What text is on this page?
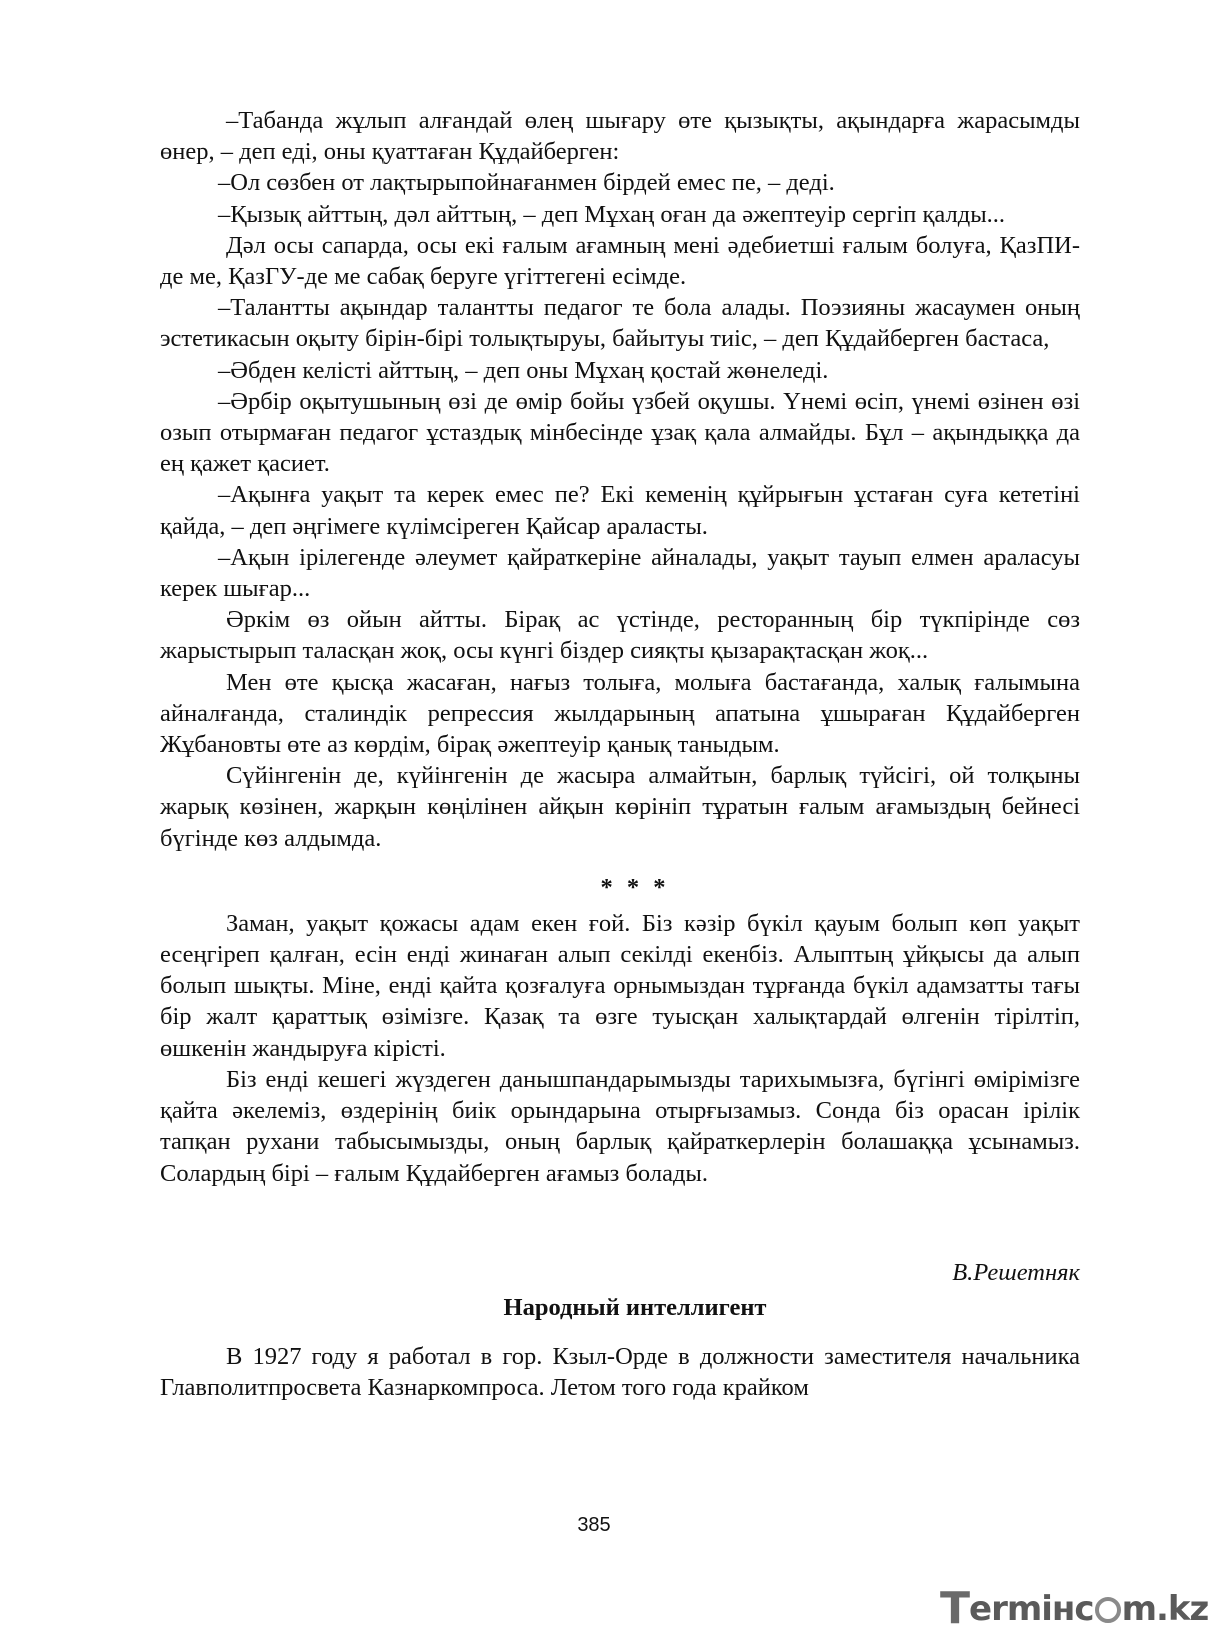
–Табанда жұлып алғандай өлең шығару өте қызықты, ақындарға жарасымды өнер, – деп еді, оны қуаттаған Құдайберген:

–Ол сөзбен от лақтырыпойнағанмен бірдей емес пе, – деді.

–Қызық айттың, дәл айттың, – деп Мұхаң оған да әжептеуір сергіп қалды...

Дәл осы сапарда, осы екі ғалым ағамның мені әдебиетші ғалым болуға, ҚазПИ-де ме, ҚазГУ-де ме сабақ беруге үгіттегені есімде.

–Талантты ақындар талантты педагог те бола алады. Поэзияны жасаумен оның эстетикасын оқыту бірін-бірі толықтыруы, байытуы тиіс, – деп Құдайберген бастаса,

–Әбден келісті айттың, – деп оны Мұхаң қостай жөнеледі.

–Әрбір оқытушының өзі де өмір бойы үзбей оқушы. Үнемі өсіп, үнемі өзінен өзі озып отырмаған педагог ұстаздық мінбесінде ұзақ қала алмайды. Бұл – ақындыққа да ең қажет қасиет.

–Ақынға уақыт та керек емес пе? Екі кеменің құйрығын ұстаған суға кететіні қайда, – деп әңгімеге күлімсіреген Қайсар араласты.

–Ақын ірілегенде әлеумет қайраткеріне айналады, уақыт тауып елмен араласуы керек шығар...

Әркім өз ойын айтты. Бірақ ас үстінде, ресторанның бір түкпірінде сөз жарыстырып таласқан жоқ, осы күнгі біздер сияқты қызарақтасқан жоқ...

Мен өте қысқа жасаған, нағыз толыға, молыға бастағанда, халық ғалымына айналғанда, сталиндік репрессия жылдарының апатына ұшыраған Құдайберген Жұбановты өте аз көрдім, бірақ әжептеуір қанық таныдым.

Сүйінгенін де, күйінгенін де жасыра алмайтын, барлық түйсігі, ой толқыны жарық көзінен, жарқын көңілінен айқын көрініп тұратын ғалым ағамыздың бейнесі бүгінде көз алдымда.

* * *

Заман, уақыт қожасы адам екен ғой. Біз кәзір бүкіл қауым болып көп уақыт есеңгіреп қалған, есін енді жинаған алып секілді екенбіз. Алыптың ұйқысы да алып болып шықты. Міне, енді қайта қозғалуға орнымыздан тұрғанда бүкіл адамзатты тағы бір жалт қараттық өзімізге. Қазақ та өзге туысқан халықтардай өлгенін тірілтіп, өшкенін жандыруға кірісті.

Біз енді кешегі жүздеген данышпандарымызды тарихымызға, бүгінгі өмірімізге қайта әкелеміз, өздерінің биік орындарына отырғызамыз. Сонда біз орасан ірілік тапқан рухани табысымызды, оның барлық қайраткерлерін болашаққа ұсынамыз. Солардың бірі – ғалым Құдайберген ағамыз болады.

В.Решетняк
Народный интеллигент

В 1927 году я работал в гор. Кзыл-Орде в должности заместителя начальника Главполитпросвета Казнаркомпроса. Летом того года крайком

385
Termінc m.kz
